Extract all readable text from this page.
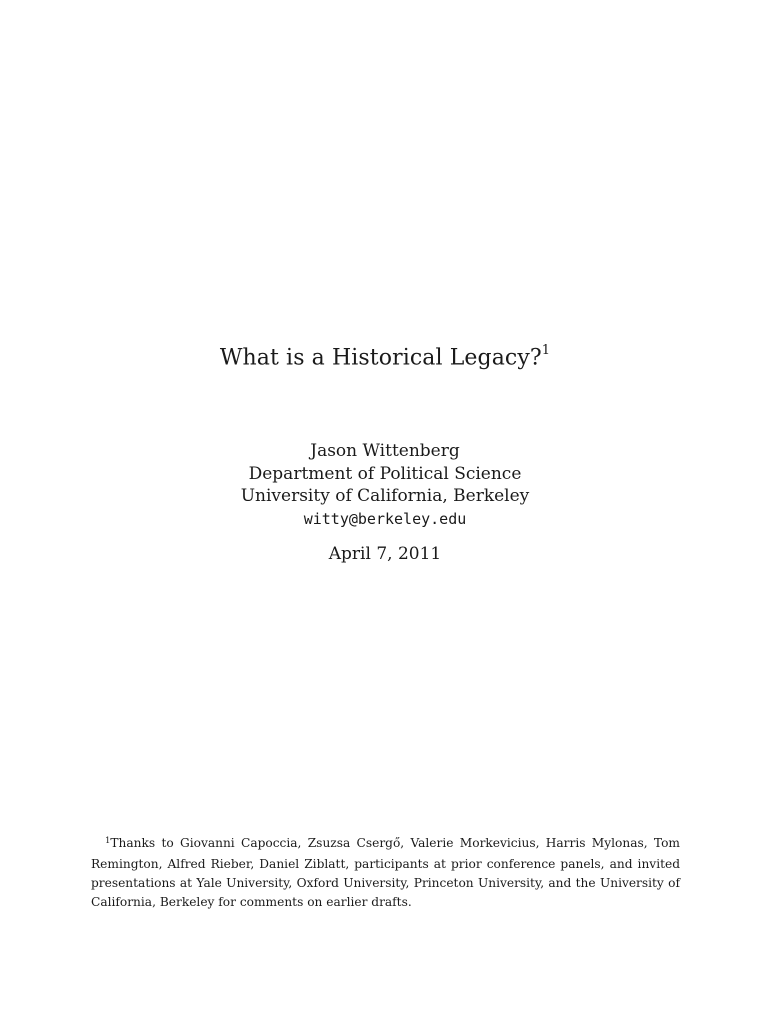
What is a Historical Legacy?$^1$
Jason Wittenberg
Department of Political Science
University of California, Berkeley
witty@berkeley.edu
April 7, 2011
$^1$Thanks to Giovanni Capoccia, Zsuzsa Csergő, Valerie Morkevicius, Harris Mylonas, Tom Remington, Alfred Rieber, Daniel Ziblatt, participants at prior conference panels, and invited presentations at Yale University, Oxford University, Princeton University, and the University of California, Berkeley for comments on earlier drafts.
